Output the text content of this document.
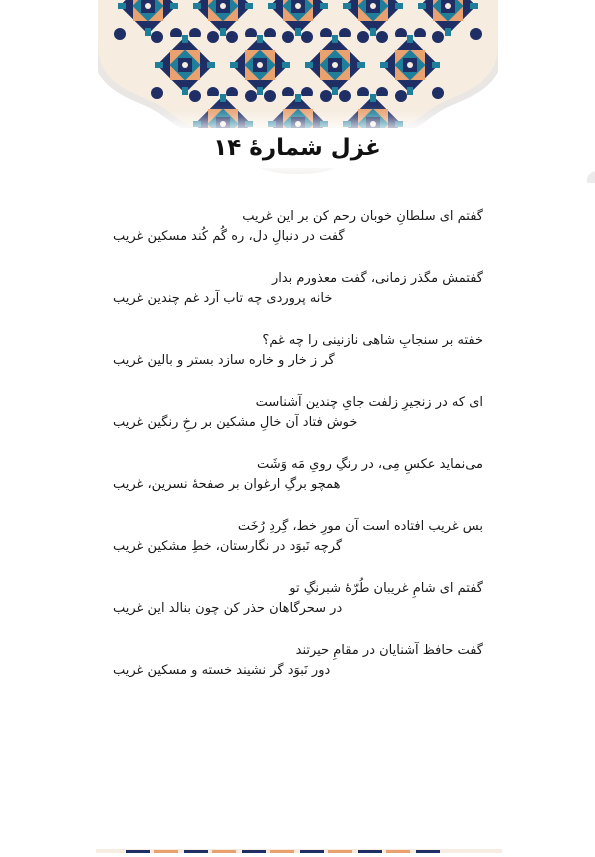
غزل شمارهٔ ۱۴
گفتم ای سلطانِ خوبان رحم کن بر این غریب
گفت در دنبالِ دل، ره گُم کُند مسکین غریب
گفتمش مگذر زمانی، گفت معذورم بدار
خانه پروردی چه تاب آرد غم چندین غریب
خفته بر سنجابِ شاهی نازنینی را چه غم؟
گر ز خار و خاره سازد بستر و بالین غریب
ای که در زنجیرِ زلفت جایِ چندین آشناست
خوش فتاد آن خالِ مشکین بر رخِ رنگین غریب
می‌نماید عکسِ مِی، در رنگِ رویِ مَه وَشَت
همچو برگِ ارغوان بر صفحهٔ نسرین، غریب
بس غریب افتاده است آن مورِ خط، گِردِ رُخَت
گرچه نَبوَد در نگارستان، خطِ مشکین غریب
گفتم ای شامِ غریبان طُرّهٔ شبرنگِ تو
در سحرگاهان حذر کن چون بنالد این غریب
گفت حافظ آشنایان در مقامِ حیرتند
دور نَبوَد گر نشیند خسته و مسکین غریب
